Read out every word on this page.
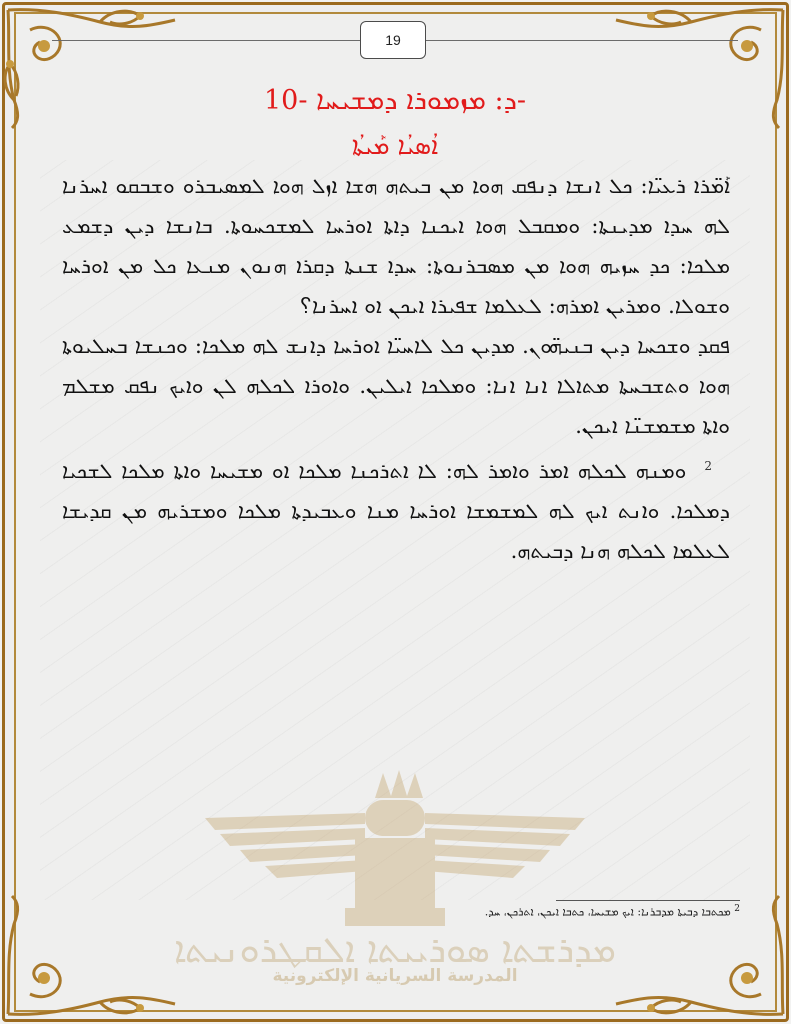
ܡܕܪܫܬܐ ܣܘܪܝܝܬܐ ܐܠܩܛܪܘܢܝܬܐ
المدرسة السريانية الإلكترونية
19
ܕ: ܡܙܡܘܪܐ ܕܡܫܝܚܐ -10-
ܐܳܣܝܳܐ ܡܰܝܬܳܐ

ܐܰܡ̈ܪܐ ܪܥܝ̈ܐ: ܟܠ ܐܢܫܐ ܕܢܦܩ ܗܘܐ ܡܢ ܒܝܬܗ ܗܫܐ ܐܙܠ ܗܘܐ ܠܡܣܝܒܪܘ ܘܫܒܩܘ ܐܚܪܢܐ ܠܗ ܚܕܐ ܡܕܝܢܬܐ: ܘܡܩܒܠ ܗܘܐ ܐܝܟܢܐ ܕܐܬܐ ܐܘܪܚܐ ܠܡܫܟܚܘܬܐ. ܒܐܢܫܐ ܕܝܢ ܕܫܡܥ ܡܠܟܐ: ܟܕ ܚܙܝܗ ܗܘܐ ܡܢ ܡܣܒܪܢܘܬܐ: ܚܕܐ ܫܢܬܐ ܕܩܪܐ ܗܢܘܢ ܡܢܥܐ ܟܠ ܡܢ ܐܘܪܚܐ ܘܫܘܠܐ. ܘܡܪܝܢ ܐܡܪܗ: ܠܥܠܡܐ ܫܦܝܪܐ ܐܝܟܢ ܐܘ ܐܚܪܢܐ؟

ܦܩܕ ܘܫܟܚܐ ܕܝܢ ܒܢܝܗ̈ܘܢ. ܡܕܝܢ ܟܠ ܠܐܚܝ̈ܐ ܐܘܪܚܐ ܕܐܢܫ ܠܗ ܡܠܟܐ: ܘܟܢܫܐ ܒܚܠܝܘܬܐ ܗܘܐ ܘܬܫܒܚܬܐ ܡܬܐܠܐ ܐܢܐ ܐܢܐ: ܘܡܠܟܐ ܐܝܠܝܢ. ܘܐܘܪܐ ܠܟܠܗ ܠܢ ܘܐܝܟ ܢܦܩ ܡܫܠܡ ܘܐܬܐ ܡܫܡܫܢ̈ܐ ܐܝܟܢ.

$^2$ܘܡܢܗ ܠܟܠܗ ܐܡܪ ܘܐܡܪ ܠܗ: ܠܐ ܐܬܪܟܢܐ ܡܠܟܐ ܐܘ ܡܫܝܚܐ ܘܐܬܐ ܡܠܟܐ ܠܫܟܝܐ ܕܡܠܟܐ. ܘܐܢܬ ܐܝܟ ܠܗ ܠܡܫܡܫܐ ܐܘܪܚܐ ܡܢܐ ܘܥܒܝܕܬܐ ܡܠܟܐ ܘܡܫܪܝܗ ܡܢ ܩܕܝܫܐ ܠܥܠܡܐ ܠܟܠܗ ܗܢܐ ܕܒܝܬܗ.

$^2$ ܡܟܬܒܐ ܕܒܝܬܐ ܡܕܒܪܢܐ: ܐܝܟ ܡܫܝܚܐ، ܟܬܒܐ ܐܝܟܢ، ܐܬܪܟܢ، ܚܕ.
